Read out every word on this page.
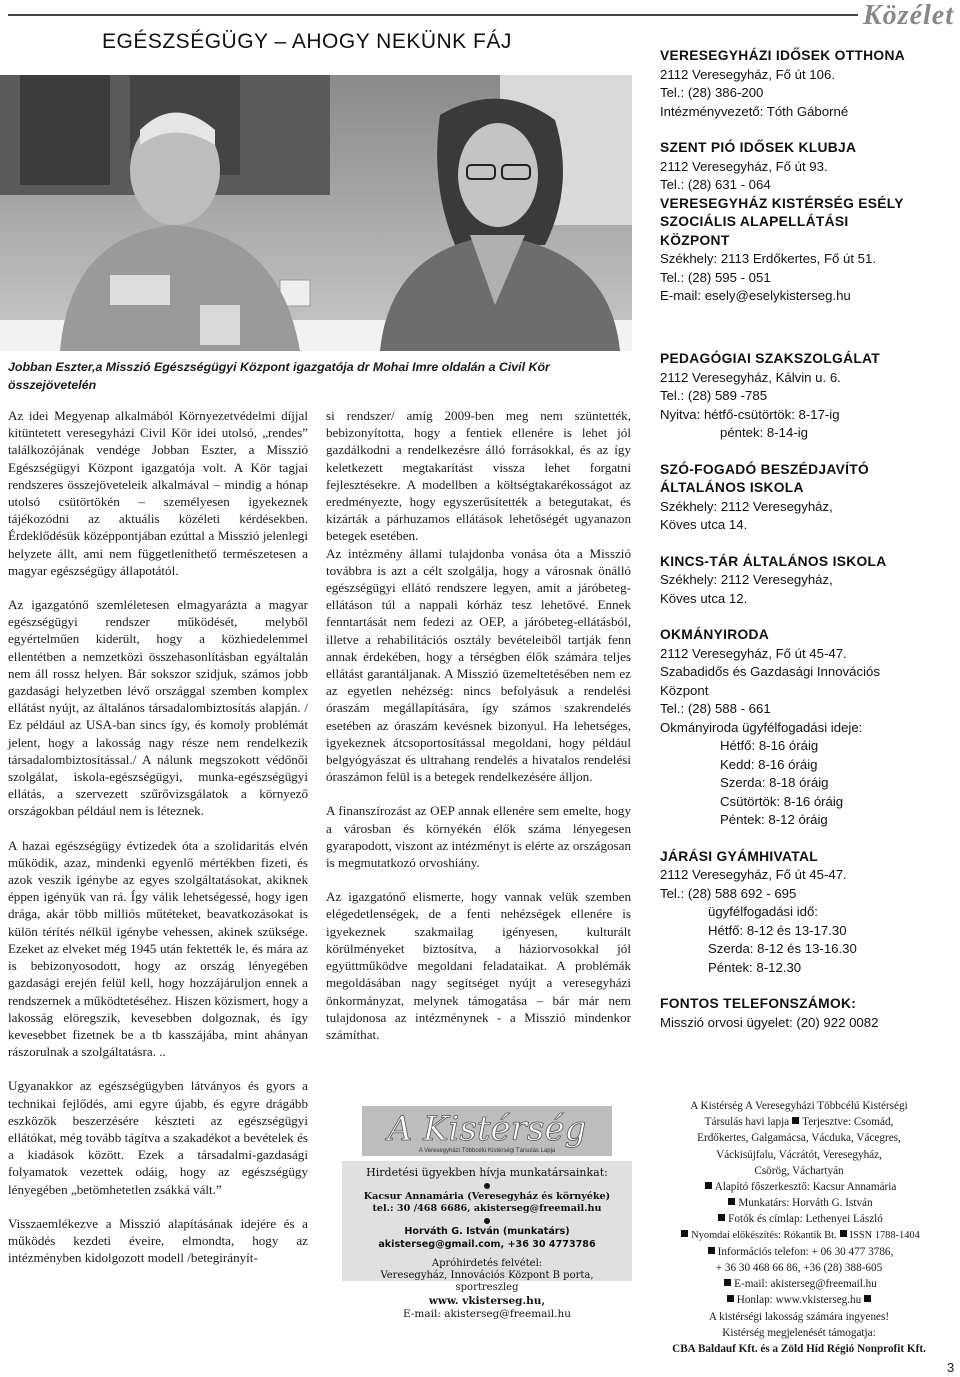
Közélet
EGÉSZSÉGÜGY – AHOGY NEKÜNK FÁJ
Jobban Eszter,a Misszió Egészségügyi Központ igazgatója dr Mohai Imre oldalán a Civil Kör összejövetelén

Az idei Megyenap alkalmából Környezetvédelmi díjjal kitüntetett veresegyházi Civil Kör idei utolsó, „rendes” találkozójának vendége Jobban Eszter, a Misszió Egészségügyi Központ igazgatója volt. A Kör tagjai rendszeres összejöveteleik alkalmával – mindig a hónap utolsó csütörtökén – személyesen igyekeznek tájékozódni az aktuális közéleti kérdésekben. Érdeklődésük középpontjában ezúttal a Misszió jelenlegi helyzete állt, ami nem függetleníthető természetesen a magyar egészségügy állapotától.

Az igazgatónő szemléletesen elmagyarázta a magyar egészségügyi rendszer működését, melyből egyértelműen kiderült, hogy a közhiedelemmel ellentétben a nemzetközi összehasonlításban egyáltalán nem áll rossz helyen. Bár sokszor szidjuk, számos jobb gazdasági helyzetben lévő országgal szemben komplex ellátást nyújt, az általános társadalombiztosítás alapján. / Ez például az USA-ban sincs így, és komoly problémát jelent, hogy a lakosság nagy része nem rendelkezik társadalombiztosítással./ A nálunk megszokott védőnői szolgálat, iskola-egészségügyi, munka-egészségügyi ellátás, a szervezett szűrővizsgálatok a környező országokban például nem is léteznek.

A hazai egészségügy évtizedek óta a szolidaritás elvén működik, azaz, mindenki egyenlő mértékben fizeti, és azok veszik igénybe az egyes szolgáltatásokat, akiknek éppen igényük van rá. Így válik lehetségessé, hogy igen drága, akár több milliós műtéteket, beavatkozásokat is külön térítés nélkül igénybe vehessen, akinek szüksége. Ezeket az elveket még 1945 után fektették le, és mára az is bebizonyosodott, hogy az ország lényegében gazdasági erején felül kell, hogy hozzájáruljon ennek a rendszernek a működtetéséhez. Hiszen közismert, hogy a lakosság elöregszik, kevesebben dolgoznak, és így kevesebbet fizetnek be a tb kasszájába, mint ahányan rászorulnak a szolgáltatásra. ..

Ugyanakkor az egészségügyben látványos és gyors a technikai fejlődés, ami egyre újabb, és egyre drágább eszközök beszerzésére készteti az egészségügyi ellátókat, még tovább tágítva a szakadékot a bevételek és a kiadások között. Ezek a társadalmi-gazdasági folyamatok vezettek odáig, hogy az egészségügy lényegében „betömhetetlen zsákká vált.”

Visszaemlékezve a Misszió alapításának idejére és a működés kezdeti éveire, elmondta, hogy az intézményben kidolgozott modell /betegirányít-

si rendszer/ amíg 2009-ben meg nem szüntették, bebizonyította, hogy a fentiek ellenére is lehet jól gazdálkodni a rendelkezésre álló forrásokkal, és az így keletkezett megtakarítást vissza lehet forgatni fejlesztésekre. A modellben a költségtakarékosságot az eredményezte, hogy egyszerűsítették a betegutakat, és kizárták a párhuzamos ellátások lehetőségét ugyanazon betegek esetében.

Az intézmény állami tulajdonba vonása óta a Misszió továbbra is azt a célt szolgálja, hogy a városnak önálló egészségügyi ellátó rendszere legyen, amit a járóbeteg-ellátáson túl a nappali kórház tesz lehetővé. Ennek fenntartását nem fedezi az OEP, a járóbeteg-ellátásból, illetve a rehabilitációs osztály bevételeiből tartják fenn annak érdekében, hogy a térségben élők számára teljes ellátást garantáljanak. A Misszió üzemeltetésében nem ez az egyetlen nehézség: nincs befolyásuk a rendelési óraszám megállapítására, így számos szakrendelés esetében az óraszám kevésnek bizonyul. Ha lehetséges, igyekeznek átcsoportosítással megoldani, hogy például belgyógyászat és ultrahang rendelés a hivatalos rendelési óraszámon felül is a betegek rendelkezésére álljon.

A finanszírozást az OEP annak ellenére sem emelte, hogy a városban és környékén élők száma lényegesen gyarapodott, viszont az intézményt is elérte az országosan is megmutatkozó orvoshiány.

Az igazgatónő elismerte, hogy vannak velük szemben elégedetlenségek, de a fenti nehézségek ellenére is igyekeznek szakmailag igényesen, kulturált körülményeket biztosítva, a háziorvosokkal jól együttműködve megoldani feladataikat. A problémák megoldásában nagy segítséget nyújt a veresegyházi önkormányzat, melynek támogatása – bár már nem tulajdonosa az intézménynek - a Misszió mindenkor számíthat.

VERESEGYHÁZI IDŐSEK OTTHONA
2112 Veresegyház, Fő út 106.
Tel.: (28) 386-200
Intézményvezető: Tóth Gáborné
SZENT PIÓ IDŐSEK KLUBJA
2112 Veresegyház, Fő út 93.
Tel.: (28) 631 - 064
VERESEGYHÁZ KISTÉRSÉG ESÉLY
SZOCIÁLIS ALAPELLÁTÁSI
KÖZPONT
Székhely: 2113 Erdőkertes, Fő út 51.
Tel.: (28) 595 - 051
E-mail: esely@eselykisterseg.hu
PEDAGÓGIAI SZAKSZOLGÁLAT
2112 Veresegyház, Kálvin u. 6.
Tel.: (28) 589 -785
Nyitva: hétfő-csütörtök: 8-17-ig
péntek: 8-14-ig
SZÓ-FOGADÓ BESZÉDJAVÍTÓ
ÁLTALÁNOS ISKOLA
Székhely: 2112 Veresegyház,
Köves utca 14.
KINCS-TÁR ÁLTALÁNOS ISKOLA
Székhely: 2112 Veresegyház,
Köves utca 12.
OKMÁNYIRODA
2112 Veresegyház, Fő út 45-47.
Szabadidős és Gazdasági Innovációs
Központ
Tel.: (28) 588 - 661
Okmányiroda ügyfélfogadási ideje:
Hétfő: 8-16 óráig
Kedd: 8-16 óráig
Szerda: 8-18 óráig
Csütörtök: 8-16 óráig
Péntek: 8-12 óráig
JÁRÁSI GYÁMHIVATAL
2112 Veresegyház, Fő út 45-47.
Tel.: (28) 588 692 - 695
ügyfélfogadási idő:
Hétfő: 8-12 és 13-17.30
Szerda: 8-12 és 13-16.30
Péntek: 8-12.30
FONTOS TELEFONSZÁMOK:
Misszió orvosi ügyelet: (20) 922 0082
A Kistérség
A Veresegyházi Többcélú Kistérségi Társulás Lapja
Hirdetési ügyekben hívja munkatársainkat:
Kacsur Annamária (Veresegyház és környéke)
tel.: 30 /468 6686, akisterseg@freemail.hu
Horváth G. István (munkatárs)
akisterseg@gmail.com, +36 30 4773786
Apróhirdetés felvétel:
Veresegyház, Innovációs Központ B porta,
sportreszleg
www. vkisterseg.hu,
E-mail: akisterseg@freemail.hu
A Kistérség A Veresegyházi Többcélú Kistérségi
Társulás havi lapja Terjesztve: Csomád,
Erdőkertes, Galgamácsa, Vácduka, Vácegres,
Váckisújfalu, Vácrátót, Veresegyház,
Csörög, Váchartyán
Alapító főszerkesztő: Kacsur Annamária
Munkatárs: Horváth G. István
Fotók és címlap: Lethenyei László
Nyomdai előkészítés: Rókantik Bt. ISSN 1788-1404
Információs telefon: + 06 30 477 3786,
+ 36 30 468 66 86, +36 (28) 388-605
E-mail: akisterseg@freemail.hu
Honlap: www.vkisterseg.hu
A kistérségi lakosság számára ingyenes!
Kistérség megjelenését támogatja:
CBA Baldauf Kft. és a Zöld Híd Régió Nonprofit Kft.
3
